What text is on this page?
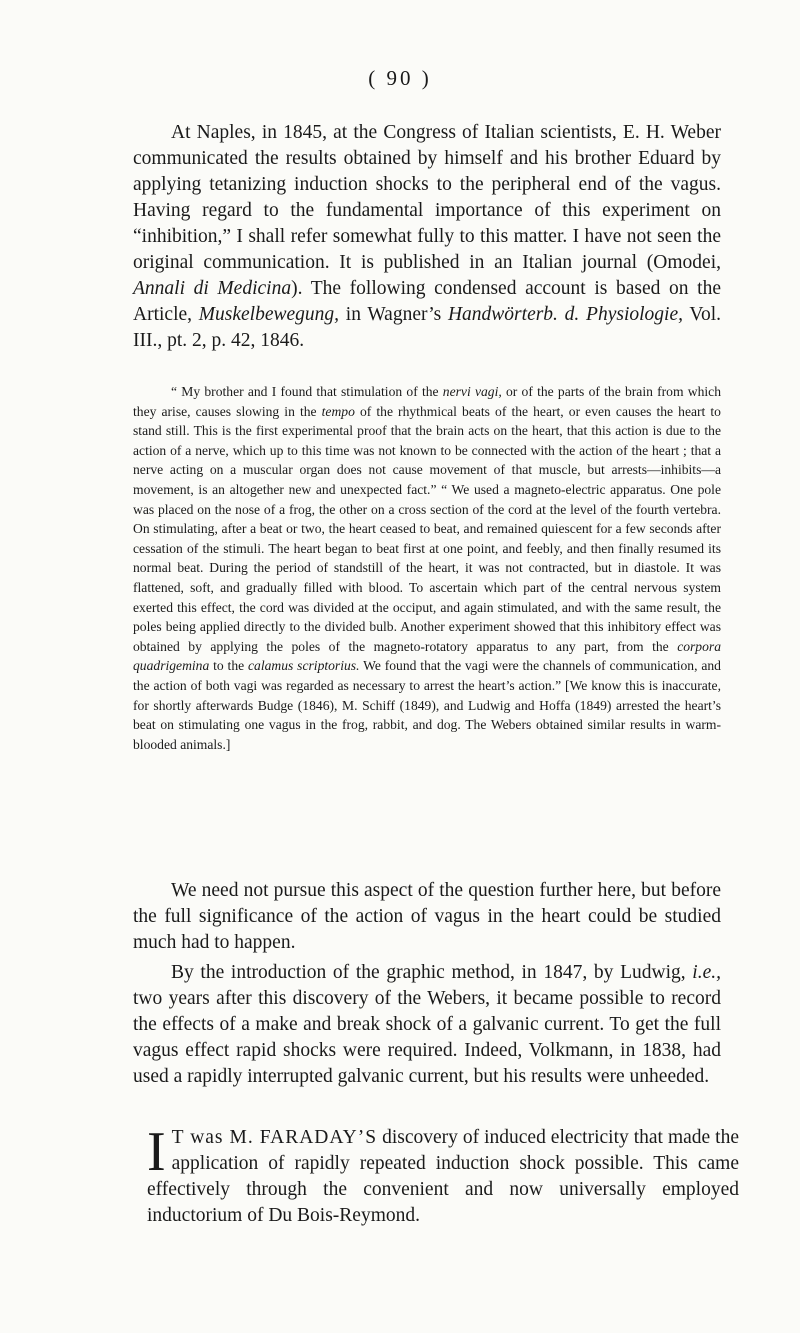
( 90 )

At Naples, in 1845, at the Congress of Italian scientists, E. H. Weber communicated the results obtained by himself and his brother Eduard by applying tetanizing induction shocks to the peripheral end of the vagus. Having regard to the fundamental importance of this experiment on “inhibition,” I shall refer somewhat fully to this matter. I have not seen the original communication. It is published in an Italian journal (Omodei, Annali di Medicina). The following condensed account is based on the Article, Muskelbewegung, in Wagner’s Handwörterb. d. Physiologie, Vol. III., pt. 2, p. 42, 1846.

“ My brother and I found that stimulation of the nervi vagi, or of the parts of the brain from which they arise, causes slowing in the tempo of the rhythmical beats of the heart, or even causes the heart to stand still. This is the first experimental proof that the brain acts on the heart, that this action is due to the action of a nerve, which up to this time was not known to be connected with the action of the heart ; that a nerve acting on a muscular organ does not cause movement of that muscle, but arrests—inhibits—a movement, is an altogether new and unexpected fact.” “ We used a magneto-electric apparatus. One pole was placed on the nose of a frog, the other on a cross section of the cord at the level of the fourth vertebra. On stimulating, after a beat or two, the heart ceased to beat, and remained quiescent for a few seconds after cessation of the stimuli. The heart began to beat first at one point, and feebly, and then finally resumed its normal beat. During the period of standstill of the heart, it was not contracted, but in diastole. It was flattened, soft, and gradually filled with blood. To ascertain which part of the central nervous system exerted this effect, the cord was divided at the occiput, and again stimulated, and with the same result, the poles being applied directly to the divided bulb. Another experiment showed that this inhibitory effect was obtained by applying the poles of the magneto-rotatory apparatus to any part, from the corpora quadrigemina to the calamus scriptorius. We found that the vagi were the channels of communication, and the action of both vagi was regarded as necessary to arrest the heart’s action.” [We know this is inaccurate, for shortly afterwards Budge (1846), M. Schiff (1849), and Ludwig and Hoffa (1849) arrested the heart’s beat on stimulating one vagus in the frog, rabbit, and dog. The Webers obtained similar results in warm-blooded animals.]

We need not pursue this aspect of the question further here, but before the full significance of the action of vagus in the heart could be studied much had to happen.

By the introduction of the graphic method, in 1847, by Ludwig, i.e., two years after this discovery of the Webers, it became possible to record the effects of a make and break shock of a galvanic current. To get the full vagus effect rapid shocks were required. Indeed, Volkmann, in 1838, had used a rapidly interrupted galvanic current, but his results were unheeded.

I T was M. FARADAY’S discovery of induced electricity that made the application of rapidly repeated induction shock possible. This came effectively through the convenient and now universally employed inductorium of Du Bois-Reymond.
